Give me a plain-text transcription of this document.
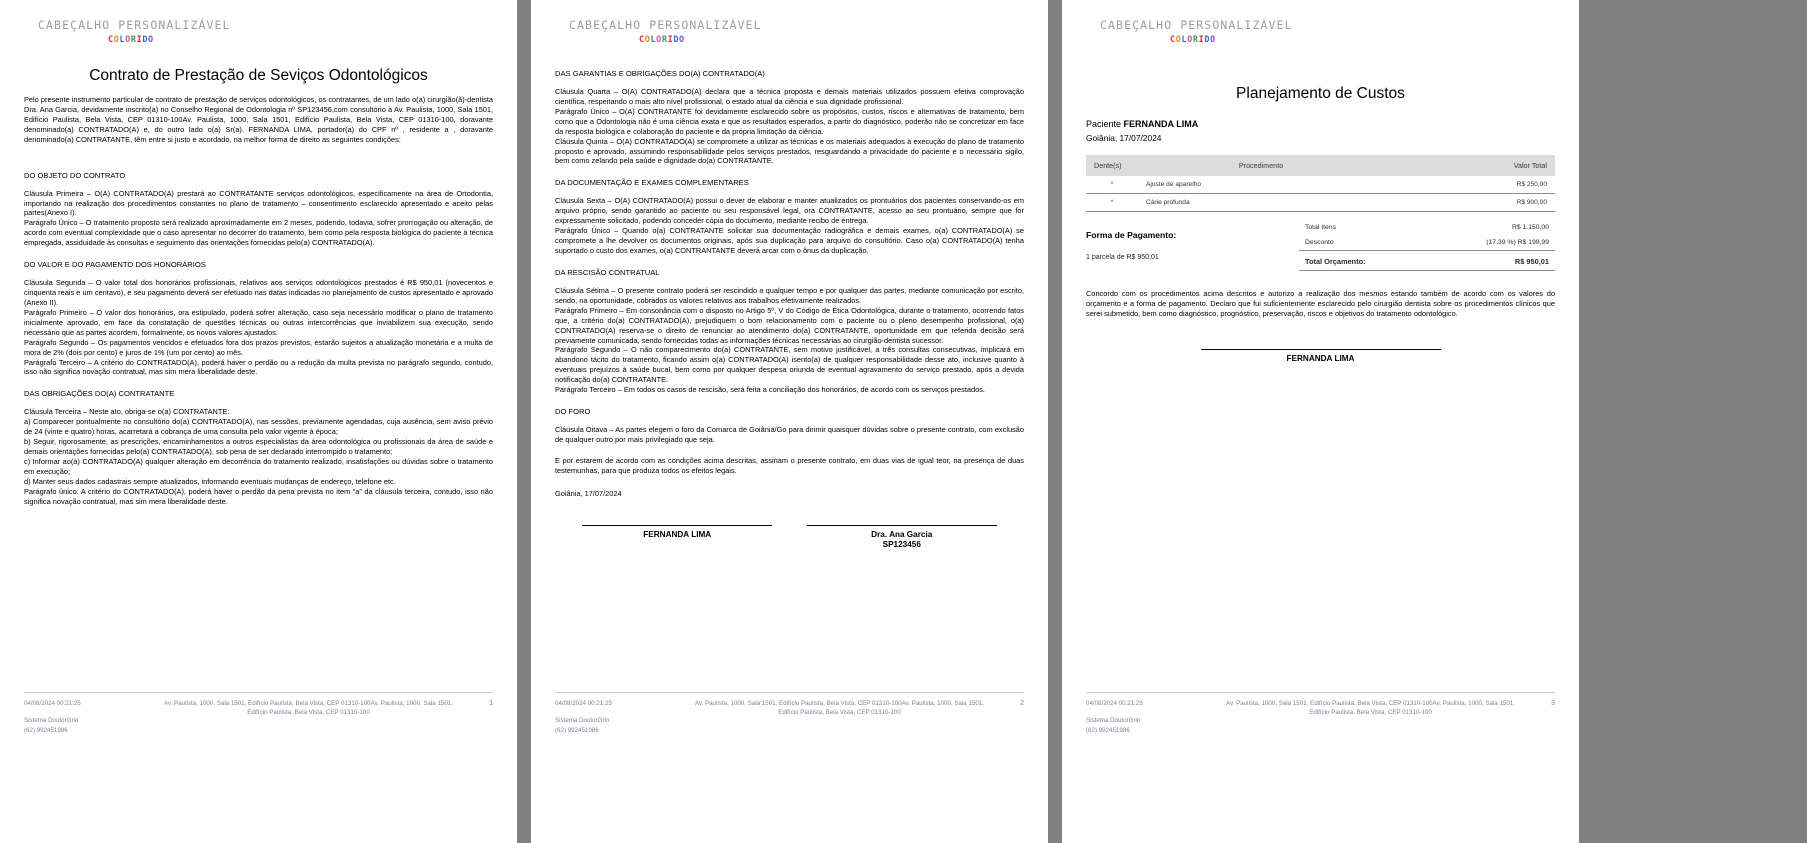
CABEÇALHO PERSONALIZÁVEL
COLORIDO
Contrato de Prestação de Seviços Odontológicos

Pelo presente instrumento particular de contrato de prestação de serviços odontológicos, os contratantes, de um lado o(a) cirurgião(ã)-dentista Dra. Ana Garcia, devidamente inscrito(a) no Conselho Regional de Odontologia nº SP123456,com consultório à Av. Paulista, 1000, Sala 1501, Edifício Paulista, Bela Vista, CEP 01310-100Av. Paulista, 1000, Sala 1501, Edifício Paulista, Bela Vista, CEP 01310-100, doravante denominado(a) CONTRATADO(A) e, do outro lado o(a) Sr(a). FERNANDA LIMA, portador(a) do CPF nº , residente a , doravante denominado(a) CONTRATANTE, têm entre si justo e acordado, na melhor forma de direito as seguintes condições:

DO OBJETO DO CONTRATO

Cláusula Primeira – O(A) CONTRATADO(A) prestará ao CONTRATANTE serviços odontológicos, especificamente na área de Ortodontia, importando na realização dos procedimentos constantes no plano de tratamento – consentimento esclarecido apresentado e aceito pelas partes(Anexo I).

Parágrafo Único – O tratamento proposto será realizado aproximadamente em 2 meses, podendo, todavia, sofrer prorrogação ou alteração, de acordo com eventual complexidade que o caso apresentar no decorrer do tratamento, bem como pela resposta biológica do paciente à técnica empregada, assiduidade às consultas e seguimento das orientações fornecidas pelo(a) CONTRATADO(A).

DO VALOR E DO PAGAMENTO DOS HONORÁRIOS

Cláusula Segunda – O valor total dos honorários profissionais, relativos aos serviços odontológicos prestados é R$ 950,01 (novecentos e cinquenta reais e um centavo), e seu pagamento deverá ser efetuado nas datas indicadas no planejamento de custos apresentado e aprovado (Anexo II).

Parágrafo Primeiro – O valor dos honorários, ora estipulado, poderá sofrer alteração, caso seja necessário modificar o plano de tratamento inicialmente aprovado, em face da constatação de questões técnicas ou outras intercorrências que inviabilizem sua execução, sendo necessário que as partes acordem, formalmente, os novos valores ajustados.

Parágrafo Segundo – Os pagamentos vencidos e efetuados fora dos prazos previstos, estarão sujeitos a atualização monetária e a multa de mora de 2% (dois por cento) e juros de 1% (um por cento) ao mês.

Parágrafo Terceiro – A critério do CONTRATADO(A), poderá haver o perdão ou a redução da multa prevista no parágrafo segundo, contudo, isso não significa novação contratual, mas sim mera liberalidade deste.

DAS OBRIGAÇÕES DO(A) CONTRATANTE

Cláusula Terceira – Neste ato, obriga-se o(a) CONTRATANTE:

a) Comparecer pontualmente no consultório do(a) CONTRATADO(A), nas sessões, previamente agendadas, cuja ausência, sem aviso prévio de 24 (vinte e quatro) horas, acarretará a cobrança de uma consulta pelo valor vigente à época;

b) Seguir, rigorosamente, as prescrições, encaminhamentos a outros especialistas da área odontológica ou profissionais da área de saúde e demais orientações fornecidas pelo(a) CONTRATADO(A), sob pena de ser declarado interrompido o tratamento;

c) Informar ao(à) CONTRATADO(A) qualquer alteração em decorrência do tratamento realizado, insatisfações ou dúvidas sobre o tratamento em execução;

d) Manter seus dados cadastrais sempre atualizados, informando eventuais mudanças de endereço, telefone etc.

Parágrafo único. A critério do CONTRATADO(A), poderá haver o perdão da pena prevista no item “a” da cláusula terceira, contudo, isso não significa novação contratual, mas sim mera liberalidade deste.

04/08/2024 00:21:25
Sistema DoutorGrin
(62) 992451986
Av. Paulista, 1000, Sala 1501, Edifício Paulista, Bela Vista, CEP 01310-100Av. Paulista, 1000, Sala 1501, Edifício Paulista, Bela Vista, CEP 01310-100
1
CABEÇALHO PERSONALIZÁVEL
COLORIDO
DAS GARANTIAS E OBRIGAÇÕES DO(A) CONTRATADO(A)

Cláusula Quarta – O(A) CONTRATADO(A) declara que a técnica proposta e demais materiais utilizados possuem efetiva comprovação científica, respeitando o mais alto nível profissional, o estado atual da ciência e sua dignidade profissional.

Parágrafo Único – O(A) CONTRATANTE foi devidamente esclarecido sobre os propósitos, custos, riscos e alternativas de tratamento, bem como que a Odontologia não é uma ciência exata e que os resultados esperados, a partir do diagnóstico, poderão não se concretizar em face da resposta biológica e colaboração do paciente e da própria limitação da ciência.

Cláusula Quinta – O(A) CONTRATADO(A) se compromete a utilizar as técnicas e os materiais adequados à execução do plano de tratamento proposto e aprovado, assumindo responsabilidade pelos serviços prestados, resguardando a privacidade do paciente e o necessário sigilo, bem como zelando pela saúde e dignidade do(a) CONTRATANTE.

DA DOCUMENTAÇÃO E EXAMES COMPLEMENTARES

Cláusula Sexta – O(A) CONTRATADO(A) possui o dever de elaborar e manter atualizados os prontuários dos pacientes conservando-os em arquivo próprio, sendo garantido ao paciente ou seu responsável legal, ora CONTRATANTE, acesso ao seu prontuário, sempre que for expressamente solicitado, podendo conceder cópia do documento, mediante recibo de entrega.

Parágrafo Único – Quando o(a) CONTRATANTE solicitar sua documentação radiográfica e demais exames, o(a) CONTRATADO(A) se compromete a lhe devolver os documentos originais, após sua duplicação para arquivo do consultório. Caso o(a) CONTRATADO(A) tenha suportado o custo dos exames, o(a) CONTRANTANTE deverá arcar com o ônus da duplicação.

DA RESCISÃO CONTRATUAL

Cláusula Sétima – O presente contrato poderá ser rescindido a qualquer tempo e por qualquer das partes, mediante comunicação por escrito, sendo, na oportunidade, cobrados os valores relativos aos trabalhos efetivamente realizados.

Parágrafo Primeiro – Em consonância com o disposto no Artigo 5º, V do Código de Ética Odontológica, durante o tratamento, ocorrendo fatos que, a critério do(a) CONTRATADO(A), prejudiquem o bom relacionamento com o paciente ou o pleno desempenho profissional, o(a) CONTRATADO(A) reserva-se o direito de renunciar ao atendimento do(a) CONTRATANTE, oportunidade em que referida decisão será previamente comunicada, sendo fornecidas todas as informações técnicas necessárias ao cirurgião-dentista sucessor.

Parágrafo Segundo – O não comparecimento do(a) CONTRATANTE, sem motivo justificável, a três consultas consecutivas, implicará em abandono tácito do tratamento, ficando assim o(a) CONTRATADO(A) isento(a) de qualquer responsabilidade desse ato, inclusive quanto à eventuais prejuízos à saúde bucal, bem como por qualquer despesa oriunda de eventual agravamento do serviço prestado, após a devida notificação do(a) CONTRATANTE.

Parágrafo Terceiro – Em todos os casos de rescisão, será feita a conciliação dos honorários, de acordo com os serviços prestados.

DO FORO

Cláusula Oitava – As partes elegem o foro da Comarca de Goiânia/Go para dirimir quaisquer dúvidas sobre o presente contrato, com exclusão de qualquer outro por mais privilegiado que seja.

E por estarem de acordo com as condições acima descritas, assinam o presente contrato, em duas vias de igual teor, na presença de duas testemunhas, para que produza todos os efeitos legais.

Goiânia, 17/07/2024

FERNANDA LIMA	Dra. Ana Garcia
SP123456
04/08/2024 00:21:25
Sistema DoutorGrin
(62) 992451986
Av. Paulista, 1000, Sala 1501, Edifício Paulista, Bela Vista, CEP 01310-100Av. Paulista, 1000, Sala 1501, Edifício Paulista, Bela Vista, CEP 01310-100
2
CABEÇALHO PERSONALIZÁVEL
COLORIDO
Planejamento de Custos
Paciente FERNANDA LIMA
Goiânia, 17/07/2024
Dente(s)	Procedimento	Valor Total
*	Ajuste de aparelho	R$ 250,00
*	Cárie profunda	R$ 900,00
Forma de Pagamento:
1 parcela de R$ 950,01
Total Itens	R$ 1.150,00
Desconto	(17,39 %) R$ 199,99
Total Orçamento:	R$ 950,01

Concordo com os procedimentos acima descritos e autorizo a realização dos mesmos estando também de acordo com os valores do orçamento e a forma de pagamento. Declaro que fui suficientemente esclarecido pelo cirurgião dentista sobre os procedimentos clínicos que serei submetido, bem como diagnóstico, prognóstico, preservação, riscos e objetivos do tratamento odontológico.

FERNANDA LIMA
04/08/2024 00:21:25
Sistema DoutorGrin
(62) 992451986
Av. Paulista, 1000, Sala 1501, Edifício Paulista, Bela Vista, CEP 01310-100Av. Paulista, 1000, Sala 1501, Edifício Paulista, Bela Vista, CEP 01310-100
3
